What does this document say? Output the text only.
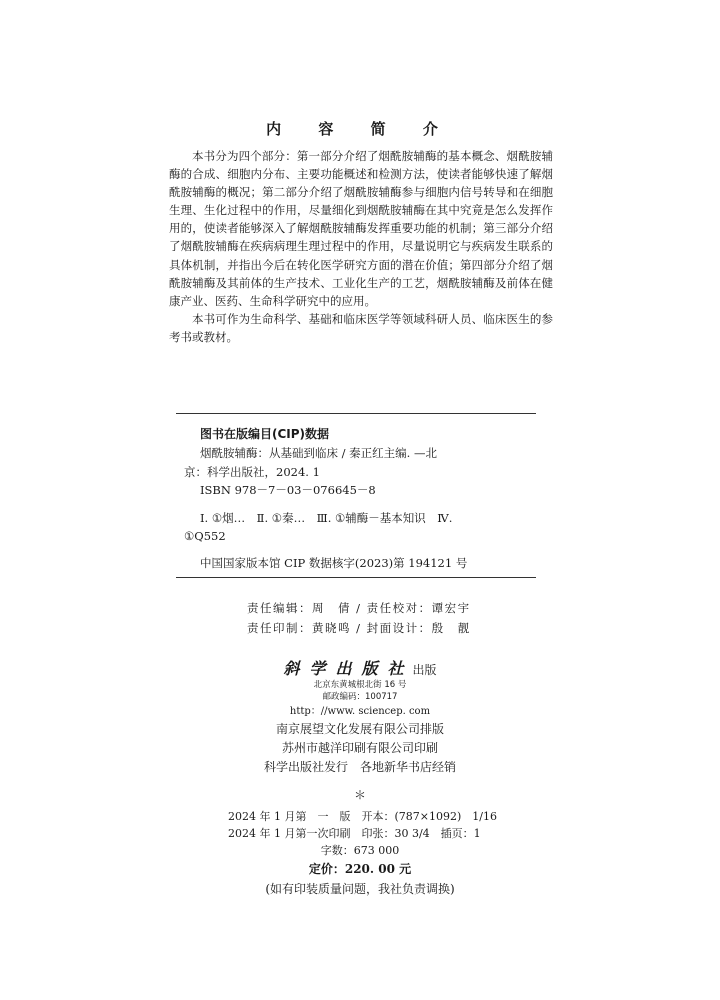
内 容 简 介

本书分为四个部分：第一部分介绍了烟酰胺辅酶的基本概念、烟酰胺辅酶的合成、细胞内分布、主要功能概述和检测方法，使读者能够快速了解烟酰胺辅酶的概况；第二部分介绍了烟酰胺辅酶参与细胞内信号转导和在细胞生理、生化过程中的作用，尽量细化到烟酰胺辅酶在其中究竟是怎么发挥作用的，使读者能够深入了解烟酰胺辅酶发挥重要功能的机制；第三部分介绍了烟酰胺辅酶在疾病病理生理过程中的作用，尽量说明它与疾病发生联系的具体机制，并指出今后在转化医学研究方面的潜在价值；第四部分介绍了烟酰胺辅酶及其前体的生产技术、工业化生产的工艺，烟酰胺辅酶及前体在健康产业、医药、生命科学研究中的应用。

本书可作为生命科学、基础和临床医学等领域科研人员、临床医生的参考书或教材。

图书在版编目(CIP)数据
烟酰胺辅酶：从基础到临床 / 秦正红主编. —北
京：科学出版社，2024. 1
ISBN 978－7－03－076645－8
Ⅰ. ①烟…　Ⅱ. ①秦…　Ⅲ. ①辅酶－基本知识　Ⅳ.
①Q552
中国国家版本馆 CIP 数据核字(2023)第 194121 号
责任编辑：周　倩 / 责任校对：谭宏宇
责任印制：黄晓鸣 / 封面设计：殷　靓
斜学出版社 出版
北京东黄城根北街 16 号
邮政编码：100717
http：//www. sciencep. com
南京展望文化发展有限公司排版
苏州市越洋印刷有限公司印刷
科学出版社发行　各地新华书店经销
＊
2024 年 1 月第　一　版　开本：(787×1092)　1/16
2024 年 1 月第一次印刷　印张：30 3/4　插页：1
字数：673 000
定价：220. 00 元
(如有印装质量问题，我社负责调换)
